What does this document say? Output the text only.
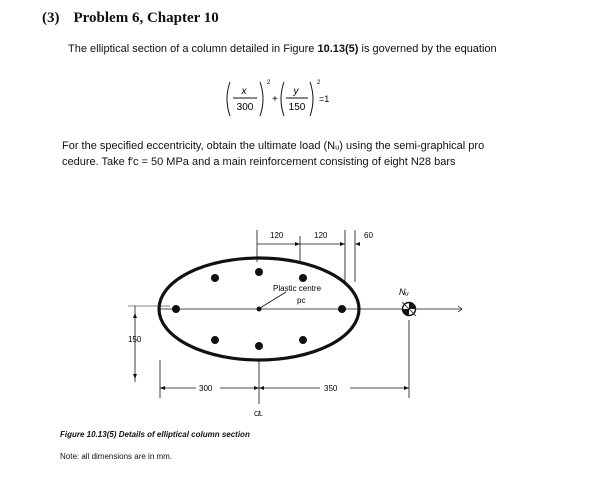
(3) Problem 6, Chapter 10
The elliptical section of a column detailed in Figure 10.13(5) is governed by the equation
x
300
2
+
y
150
2
=1
For the specified eccentricity, obtain the ultimate load (Nᵤ) using the semi-graphical pro
cedure. Take f′c = 50 MPa and a main reinforcement consisting of eight N28 bars
120	120	60
150
Plastic centre
pc
Nᵤ
300	350
C̸L
Figure 10.13(5) Details of elliptical column section
Note: all dimensions are in mm.
